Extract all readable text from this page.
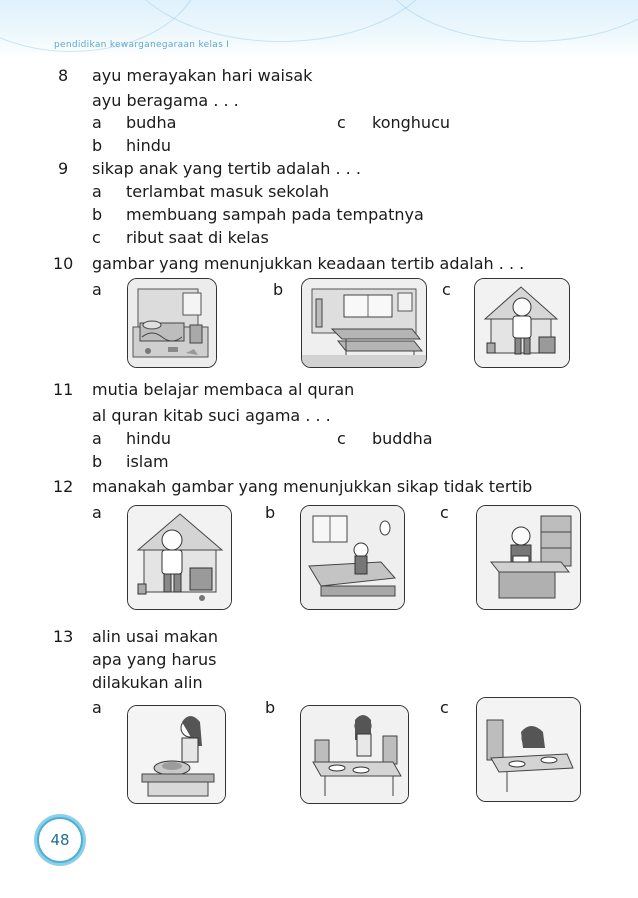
pendidikan kewarganegaraan kelas I
8 ayu merayakan hari waisak
ayu beragama . . .
a budha	c konghucu
b hindu
9 sikap anak yang tertib adalah . . .
a terlambat masuk sekolah
b membuang sampah pada tempatnya
c ribut saat di kelas
10 gambar yang menunjukkan keadaan tertib adalah . . .
a	b	c
11 mutia belajar membaca al quran
al quran kitab suci agama . . .
a hindu	c buddha
b islam
12 manakah gambar yang menunjukkan sikap tidak tertib
a	b	c
13 alin usai makan
apa yang harus
dilakukan alin
a	b	c
48
